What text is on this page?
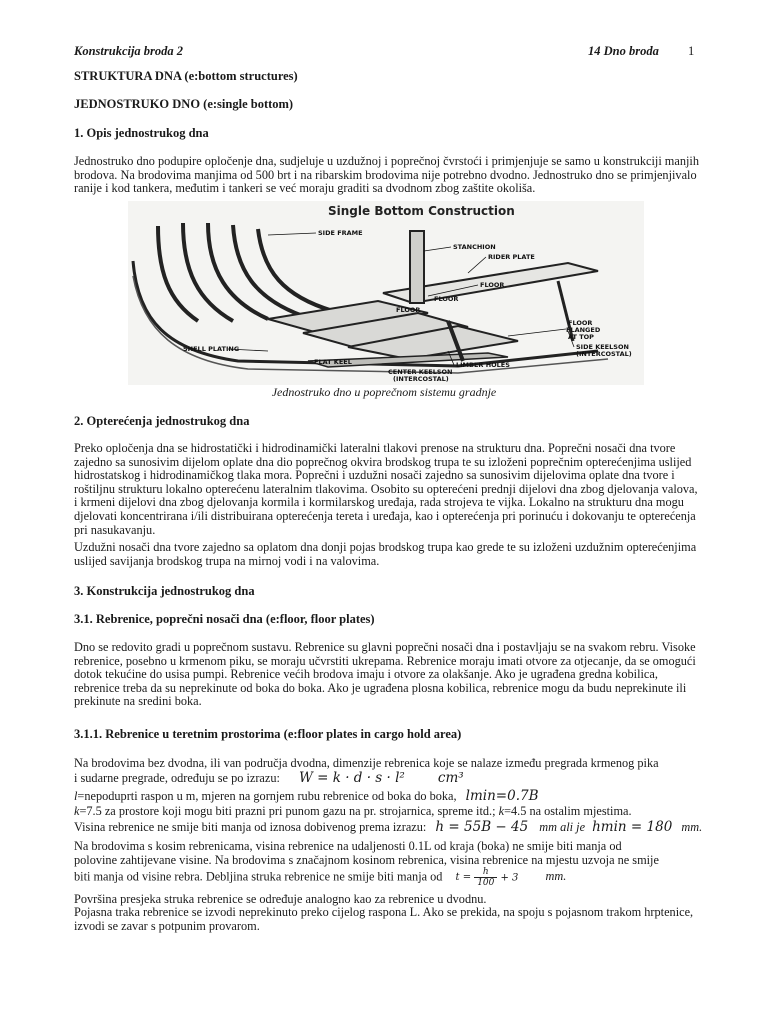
Konstrukcija broda 2	14 Dno broda 1
STRUKTURA DNA (e:bottom structures)
JEDNOSTRUKO DNO (e:single bottom)
1. Opis jednostrukog dna
Jednostruko dno podupire opločenje dna, sudjeluje u uzdužnoj i poprečnoj čvrstoći i primjenjuje se samo u konstrukciji manjih brodova. Na brodovima manjima od 500 brt i na ribarskim brodovima nije potrebno dvodno. Jednostruko dno se primjenjivalo ranije i kod tankera, međutim i tankeri se već moraju graditi sa dvodnom zbog zaštite okoliša.
Single Bottom Construction
SIDE FRAME
STANCHION
RIDER PLATE
FLOOR
FLOOR
FLOOR
FLOOR
FLANGED
AT TOP
SHELL PLATING
FLAT KEEL	LIMBER HOLES
SIDE KEELSON
(INTERCOSTAL)
CENTER KEELSON
(INTERCOSTAL)
Jednostruko dno u poprečnom sistemu gradnje
2. Opterećenja jednostrukog dna
Preko opločenja dna se hidrostatički i hidrodinamički lateralni tlakovi prenose na strukturu dna. Poprečni nosači dna tvore zajedno sa sunosivim dijelom oplate dna dio poprečnog okvira brodskog trupa te su izloženi poprečnim opterećenjima uslijed hidrostatskog i hidrodinamičkog tlaka mora. Poprečni i uzdužni nosači zajedno sa sunosivim dijelovima oplate dna tvore i roštiljnu strukturu lokalno opterećenu lateralnim tlakovima. Osobito su opterećeni prednji dijelovi dna zbog djelovanja valova, i krmeni dijelovi dna zbog djelovanja kormila i kormilarskog uređaja, rada strojeva te vijka. Lokalno na strukturu dna mogu djelovati koncentrirana i/ili distribuirana opterećenja tereta i uređaja, kao i opterećenja pri porinuću i dokovanju te opterećenja pri nasukavanju.
Uzdužni nosači dna tvore zajedno sa oplatom dna donji pojas brodskog trupa kao grede te su izloženi uzdužnim opterećenjima uslijed savijanja brodskog trupa na mirnoj vodi i na valovima.
3. Konstrukcija jednostrukog dna
3.1. Rebrenice, poprečni nosači dna (e:floor, floor plates)
Dno se redovito gradi u poprečnom sustavu. Rebrenice su glavni poprečni nosači dna i postavljaju se na svakom rebru. Visoke rebrenice, posebno u krmenom piku, se moraju učvrstiti ukrepama. Rebrenice moraju imati otvore za otjecanje, da se omogući dotok tekućine do usisa pumpi. Rebrenice većih brodova imaju i otvore za olakšanje. Ako je ugrađena gredna kobilica, rebrenice treba da su neprekinute od boka do boka. Ako je ugrađena plosna kobilica, rebrenice mogu da budu neprekinute ili prekinute na sredini boka.
3.1.1. Rebrenice u teretnim prostorima (e:floor plates in cargo hold area)
Na brodovima bez dvodna, ili van područja dvodna, dimenzije rebrenica koje se nalaze između pregrada krmenog pika
i sudarne pregrade, određuju se po izrazu: W = k · d · s · l² cm³
l=nepoduprti raspon u m, mjeren na gornjem rubu rebrenice od boka do boka, lmin=0.7B
k=7.5 za prostore koji mogu biti prazni pri punom gazu na pr. strojarnica, spreme itd.; k=4.5 na ostalim mjestima.
Visina rebrenice ne smije biti manja od iznosa dobivenog prema izrazu: h = 55B − 45 mm ali je hmin = 180 mm.
Na brodovima s kosim rebrenicama, visina rebrenice na udaljenosti 0.1L od kraja (boka) ne smije biti manja od
polovine zahtijevane visine. Na brodovima s značajnom kosinom rebrenica, visina rebrenice na mjestu uzvoja ne smije
biti manja od visine rebra. Debljina struka rebrenice ne smije biti manja od $t = \frac{h}{100} + 3$ mm.
Površina presjeka struka rebrenice se određuje analogno kao za rebrenice u dvodnu.
Pojasna traka rebrenice se izvodi neprekinuto preko cijelog raspona L. Ako se prekida, na spoju s pojasnom trakom hrptenice, izvodi se zavar s potpunim provarom.
